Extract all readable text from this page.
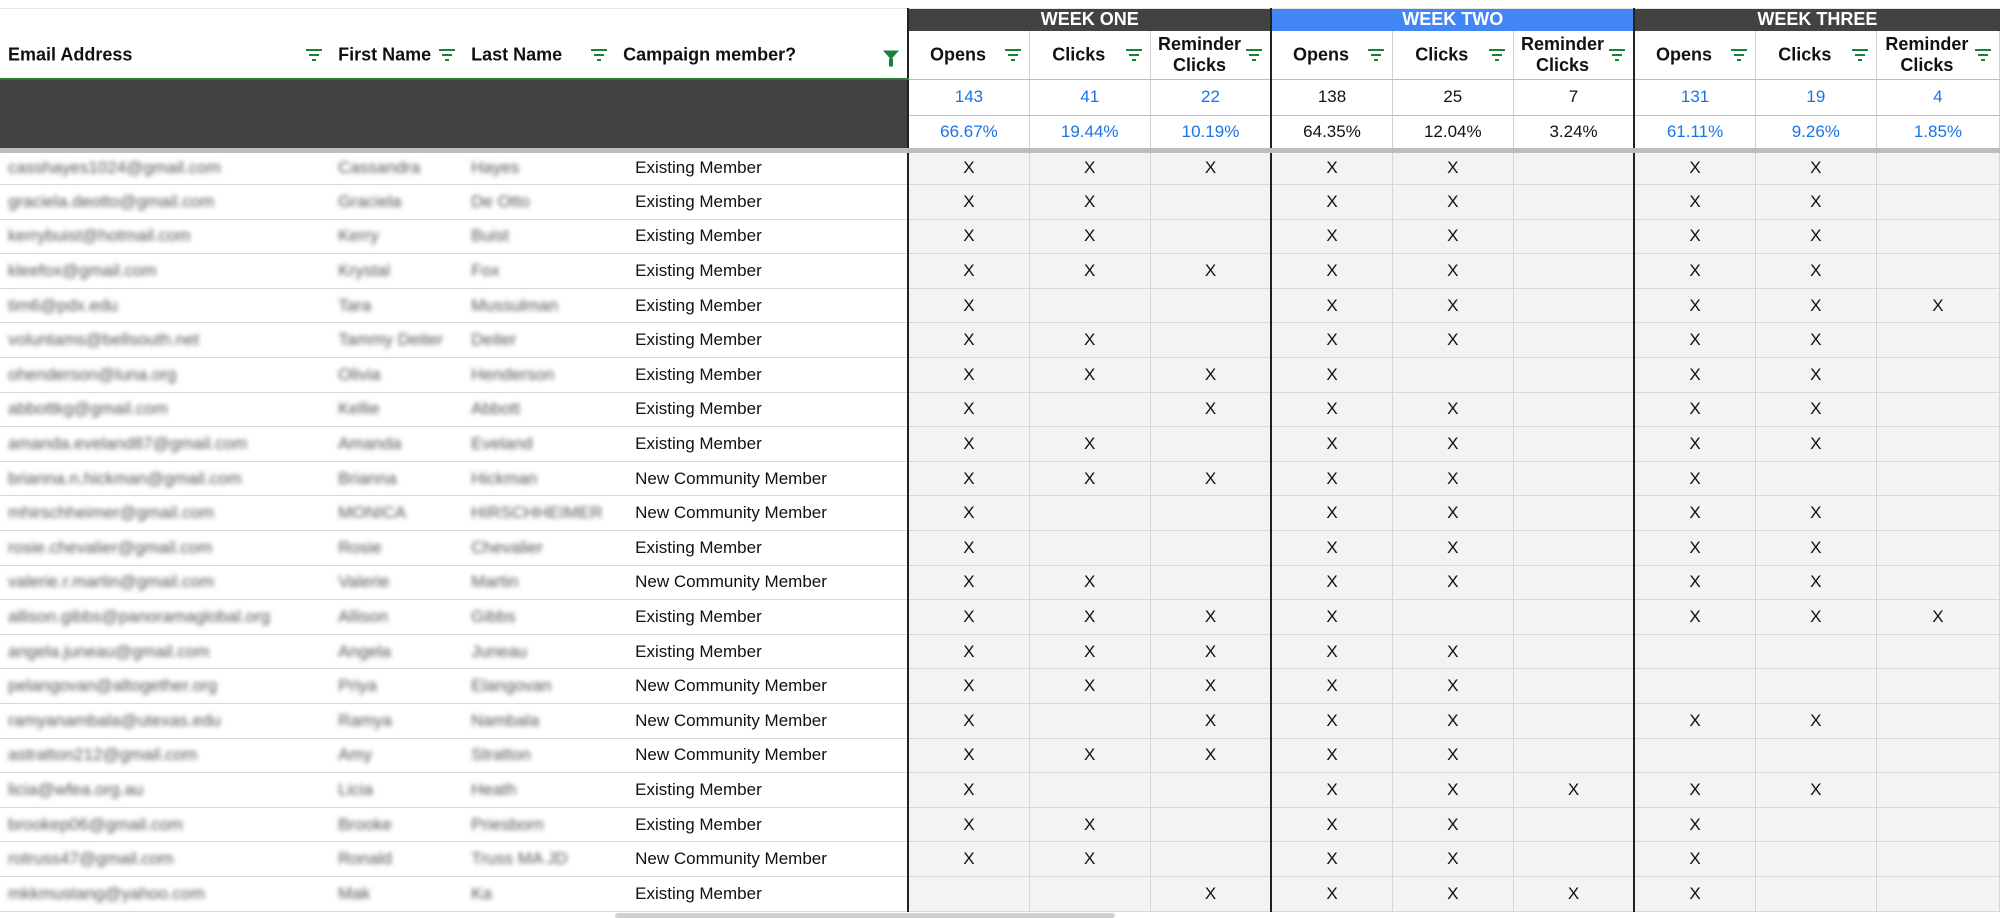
				WEEK ONE			WEEK TWO			WEEK THREE		

Email Address	First Name	Last Name	Campaign member?	Opens	Clicks	Reminder Clicks	Opens	Clicks	Reminder Clicks	Opens	Clicks	Reminder Clicks

				143	41	22	138	25	7	131	19	4
				66.67%	19.44%	10.19%	64.35%	12.04%	3.24%	61.11%	9.26%	1.85%
casshayes1024@gmail.com	Cassandra	Hayes	Existing Member	X	X	X	X	X		X	X	
graciela.deotto@gmail.com	Graciela	De Otto	Existing Member	X	X		X	X		X	X	
kerrybuist@hotmail.com	Kerry	Buist	Existing Member	X	X		X	X		X	X	
kleefox@gmail.com	Krystal	Fox	Existing Member	X	X	X	X	X		X	X	
tim6@pdx.edu	Tara	Mussulman	Existing Member	X			X	X		X	X	X
voluntams@bellsouth.net	Tammy Deiter	Deiter	Existing Member	X	X		X	X		X	X	
ohenderson@luna.org	Olivia	Henderson	Existing Member	X	X	X	X			X	X	
abbottkg@gmail.com	Kellie	Abbott	Existing Member	X		X	X	X		X	X	
amanda.eveland87@gmail.com	Amanda	Eveland	Existing Member	X	X		X	X		X	X	
brianna.n.hickman@gmail.com	Brianna	Hickman	New Community Member	X	X	X	X	X		X		
mhirschheimer@gmail.com	MONICA	HIRSCHHEIMER	New Community Member	X			X	X		X	X	
rosie.chevalier@gmail.com	Rosie	Chevalier	Existing Member	X			X	X		X	X	
valerie.r.martin@gmail.com	Valerie	Martin	New Community Member	X	X		X	X		X	X	
allison.gibbs@panoramaglobal.org	Allison	Gibbs	Existing Member	X	X	X	X			X	X	X
angela.juneau@gmail.com	Angela	Juneau	Existing Member	X	X	X	X	X				
pelangovan@altogether.org	Priya	Elangovan	New Community Member	X	X	X	X	X				
ramyanambala@utexas.edu	Ramya	Nambala	New Community Member	X		X	X	X		X	X	
astratton212@gmail.com	Amy	Stratton	New Community Member	X	X	X	X	X				
licia@wfea.org.au	Licia	Heath	Existing Member	X			X	X	X	X	X	
brookep06@gmail.com	Brooke	Priesborn	Existing Member	X	X		X	X		X		
rotruss47@gmail.com	Ronald	Truss MA JD	New Community Member	X	X		X	X		X		
mkkmustang@yahoo.com	Mak	Ka	Existing Member			X	X	X	X	X		
